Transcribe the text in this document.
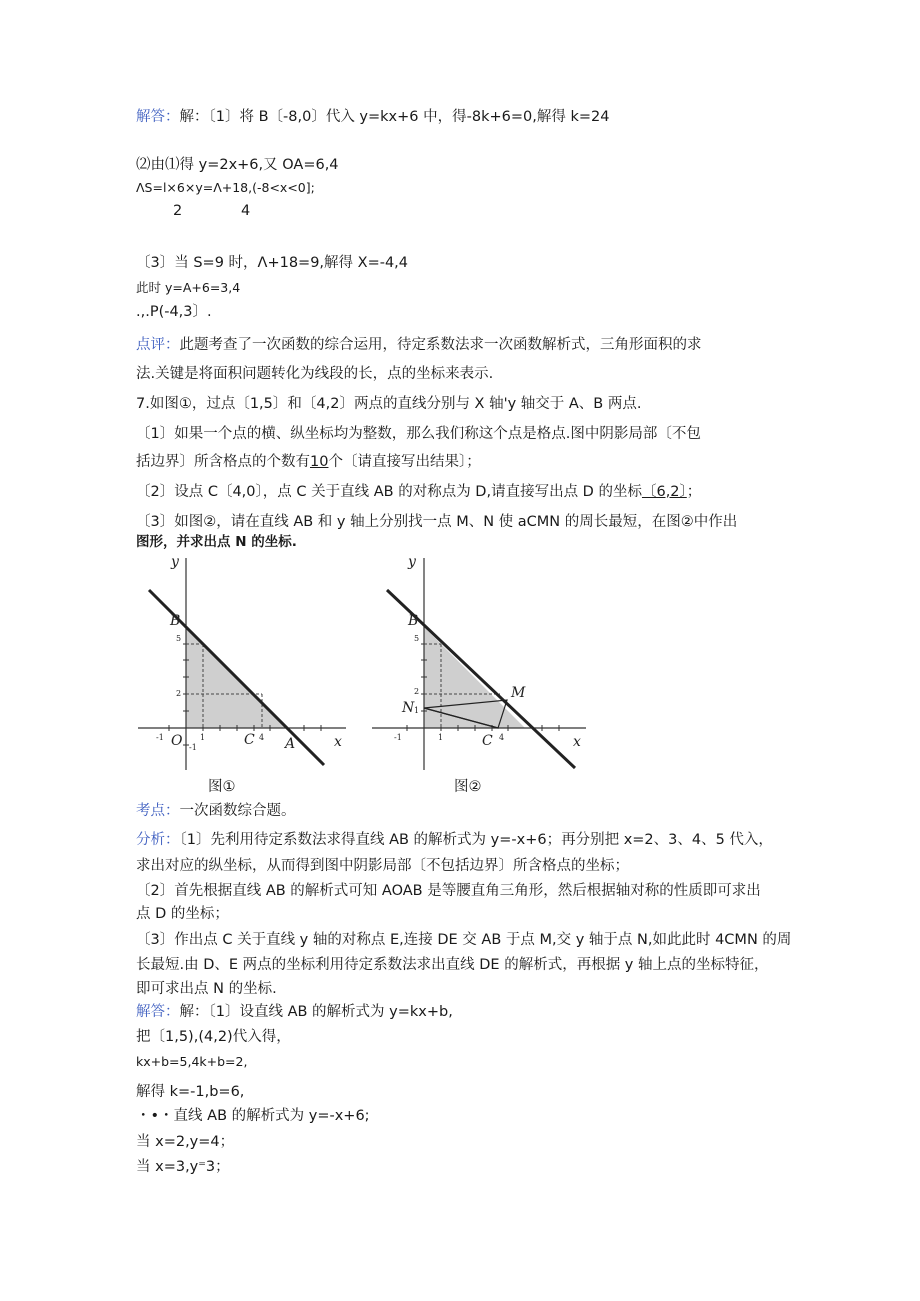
解答：解：〔1〕将 B〔-8,0〕代入 y=kx+6 中，得-8k+6=0,解得 k=24
⑵由⑴得 y=2x+6,又 OA=6,4
ΛS=l×6×y=Λ+18,(-8<x<0];
2	4
〔3〕当 S=9 时，Λ+18=9,解得 X=-4,4
此时 y=A+6=3,4
.,.P(-4,3〕.
点评：此题考查了一次函数的综合运用，待定系数法求一次函数解析式，三角形面积的求
法.关键是将面积问题转化为线段的长，点的坐标来表示.
7.如图①，过点〔1,5〕和〔4,2〕两点的直线分别与 X 轴'y 轴交于 A、B 两点.
〔1〕如果一个点的横、纵坐标均为整数，那么我们称这个点是格点.图中阴影局部〔不包
括边界〕所含格点的个数有10个〔请直接写出结果〕；
〔2〕设点 C〔4,0〕，点 C 关于直线 AB 的对称点为 D,请直接写出点 D 的坐标〔6,2〕；
〔3〕如图②，请在直线 AB 和 y 轴上分别找一点 M、N 使 aCMN 的周长最短，在图②中作出
图形，并求出点 N 的坐标.
y
x
B
O	A
C
5
2
1	4
-1
-1
图①
y
x
B
M
N
C
5
2
1
4
-1	1
图②
考点：一次函数综合题。
分析：〔1〕先利用待定系数法求得直线 AB 的解析式为 y=-x+6；再分别把 x=2、3、4、5 代入，
求出对应的纵坐标，从而得到图中阴影局部〔不包括边界〕所含格点的坐标；
〔2〕首先根据直线 AB 的解析式可知 AOAB 是等腰直角三角形，然后根据轴对称的性质即可求出
点 D 的坐标；
〔3〕作出点 C 关于直线 y 轴的对称点 E,连接 DE 交 AB 于点 M,交 y 轴于点 N,如此此时 4CMN 的周
长最短.由 D、E 两点的坐标利用待定系数法求出直线 DE 的解析式，再根据 y 轴上点的坐标特征，
即可求出点 N 的坐标.
解答：解：〔1〕设直线 AB 的解析式为 y=kx+b,
把〔1,5),(4,2)代入得，
kx+b=5,4k+b=2,
解得 k=-1,b=6,
・•・直线 AB 的解析式为 y=-x+6;
当 x=2,y=4；
当 x=3,y⁼3；
